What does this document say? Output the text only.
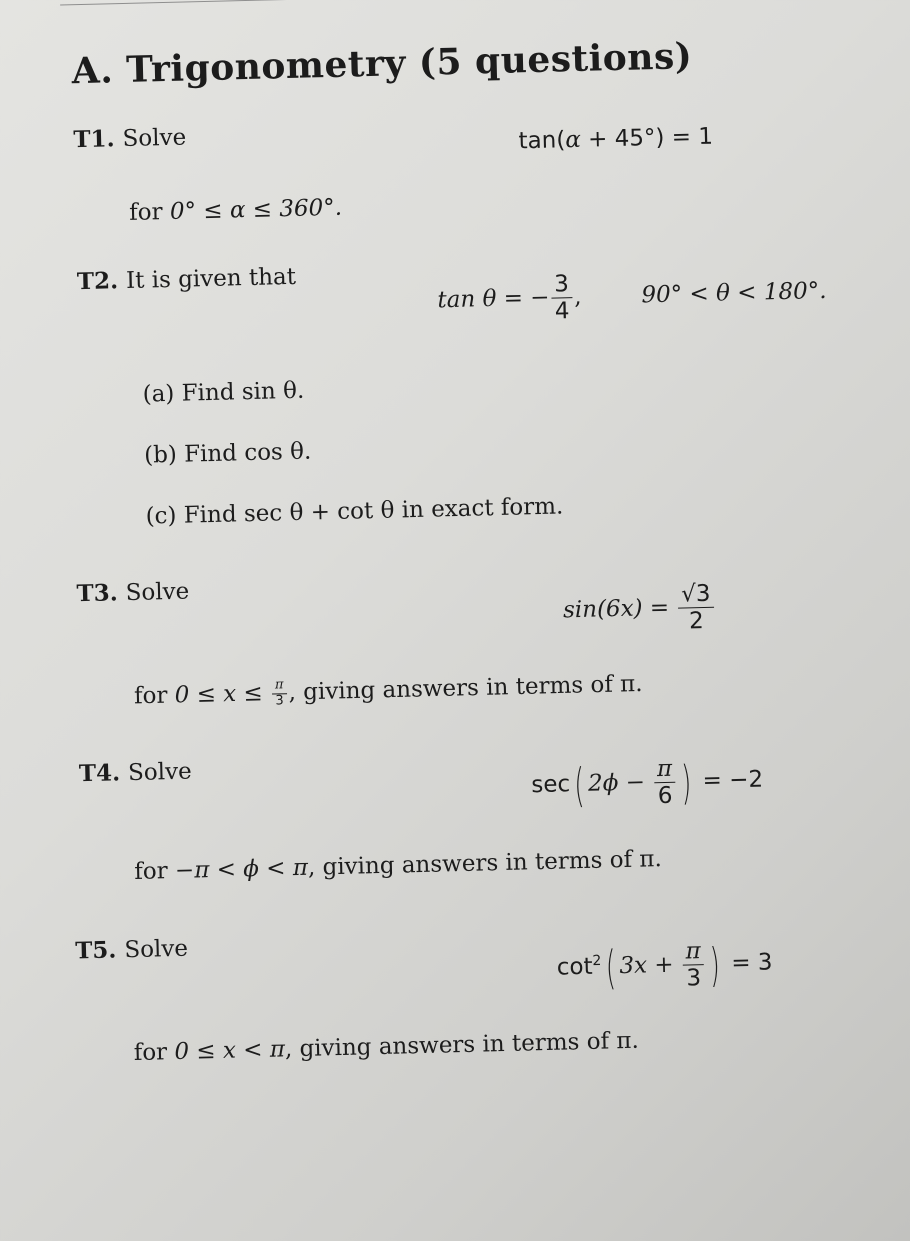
A. Trigonometry (5 questions)
T1. Solve	tan(α + 45°) = 1
for 0° ≤ α ≤ 360°.
T2. It is given that
tan θ = − $\frac{3}{4}$ ,	90° < θ < 180°.
(a) Find sin θ.
(b) Find cos θ.
(c) Find sec θ + cot θ in exact form.
T3. Solve
$\sin(6x) = \frac{√3}{2}$
for $0 \le x \le \frac{\pi}{3}$ , giving answers in terms of π.
T4. Solve	sec( $2\phi - \frac{\pi}{6}$ ) = −2
for −π < ϕ < π, giving answers in terms of π.
T5. Solve
$\cot^2$( $3x + \frac{\pi}{3}$ ) = 3
for 0 ≤ x < π, giving answers in terms of π.
